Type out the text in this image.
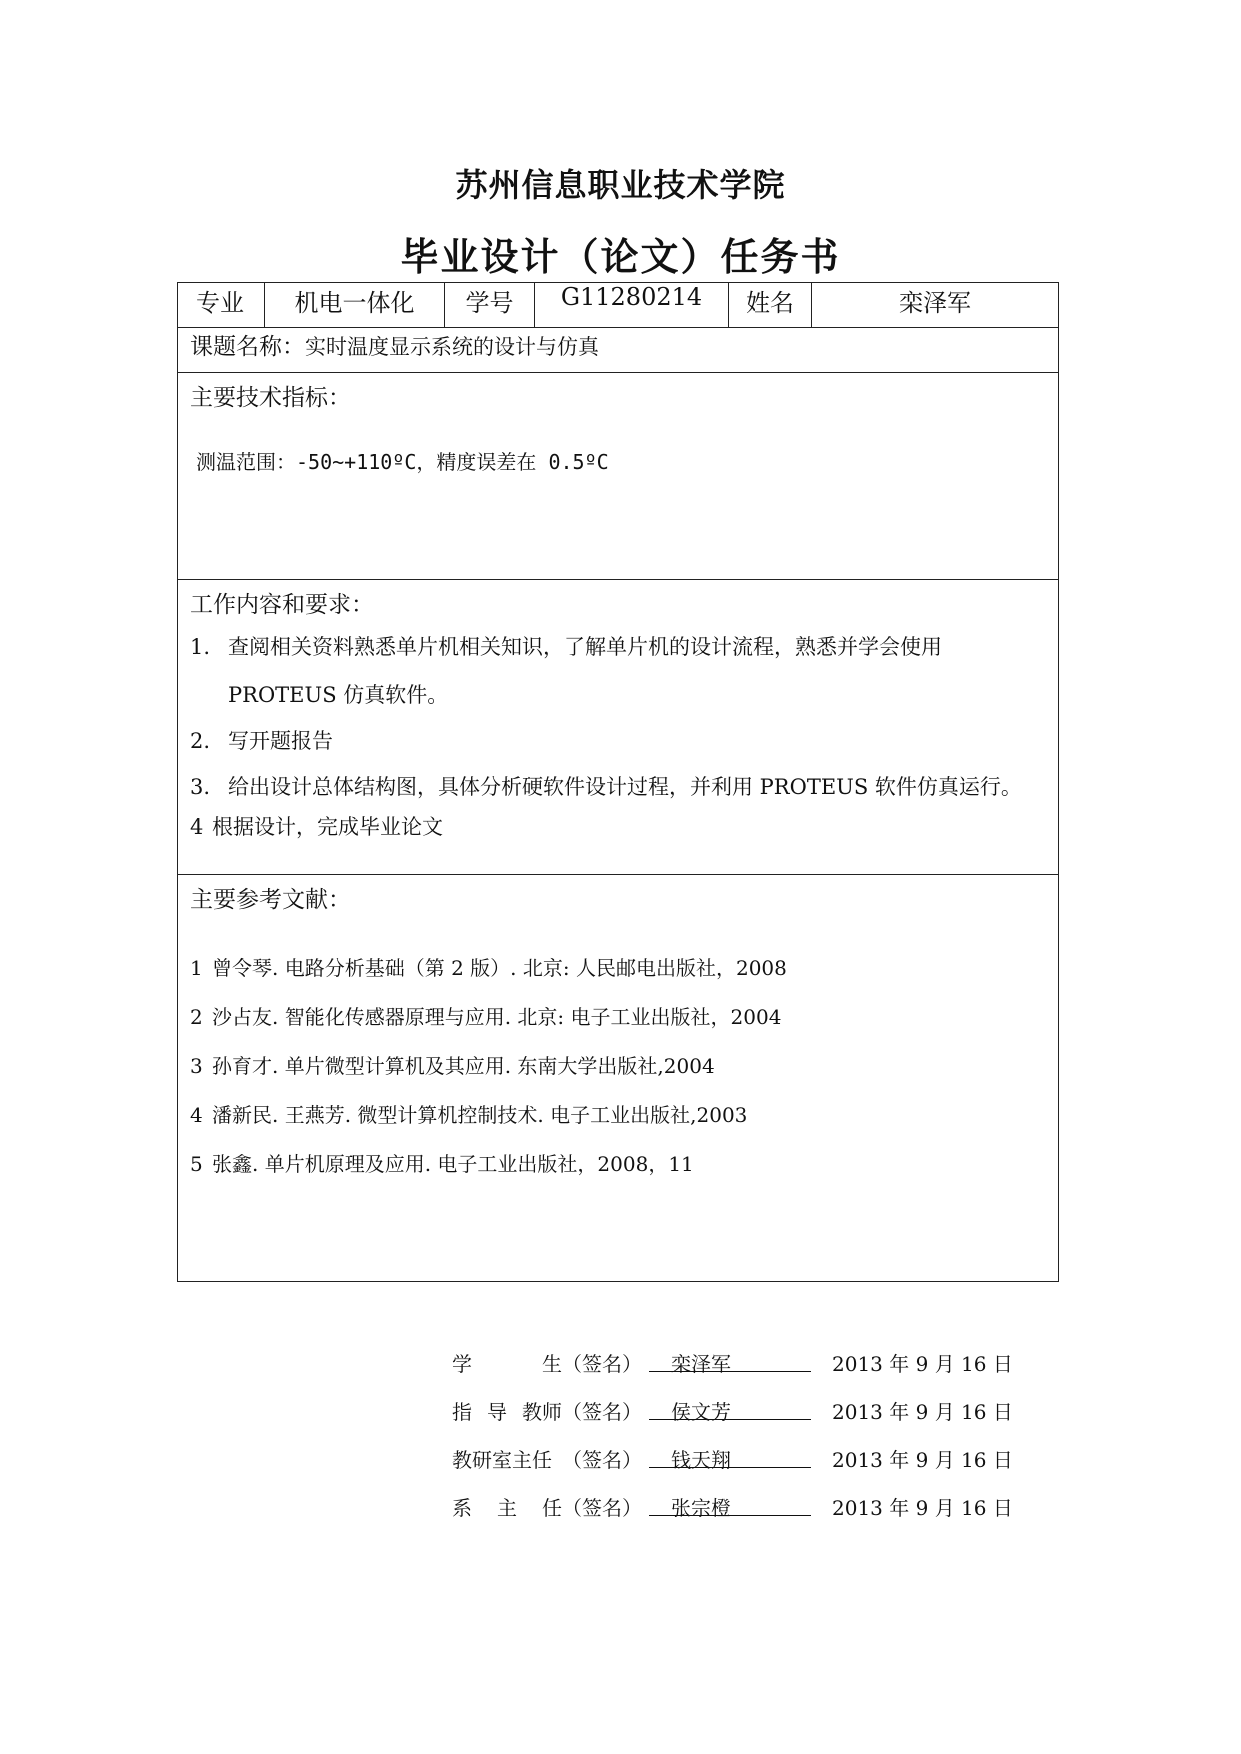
苏州信息职业技术学院
毕业设计（论文）任务书
专业	机电一体化	学号	G11280214	姓名	栾泽军
课题名称：实时温度显示系统的设计与仿真

主要技术指标：
测温范围：-50~+110ºC，精度误差在 0.5ºC

工作内容和要求：
1. 查阅相关资料熟悉单片机相关知识，了解单片机的设计流程，熟悉并学会使用
PROTEUS 仿真软件。
2. 写开题报告
3. 给出设计总体结构图，具体分析硬软件设计过程，并利用 PROTEUS 软件仿真运行。
4 根据设计，完成毕业论文

主要参考文献：
1 曾令琴. 电路分析基础（第 2 版）. 北京: 人民邮电出版社，2008
2 沙占友. 智能化传感器原理与应用. 北京: 电子工业出版社，2004
3 孙育才. 单片微型计算机及其应用. 东南大学出版社,2004
4 潘新民. 王燕芳. 微型计算机控制技术. 电子工业出版社,2003
5 张鑫. 单片机原理及应用. 电子工业出版社，2008，11
学	生 （签名）	栾泽军	2013 年 9 月 16 日
指 导 教师 （签名）	侯文芳	2013 年 9 月 16 日
教研室主任 （签名）	钱天翔	2013 年 9 月 16 日
系 主 任 （签名）	张宗橙	2013 年 9 月 16 日
